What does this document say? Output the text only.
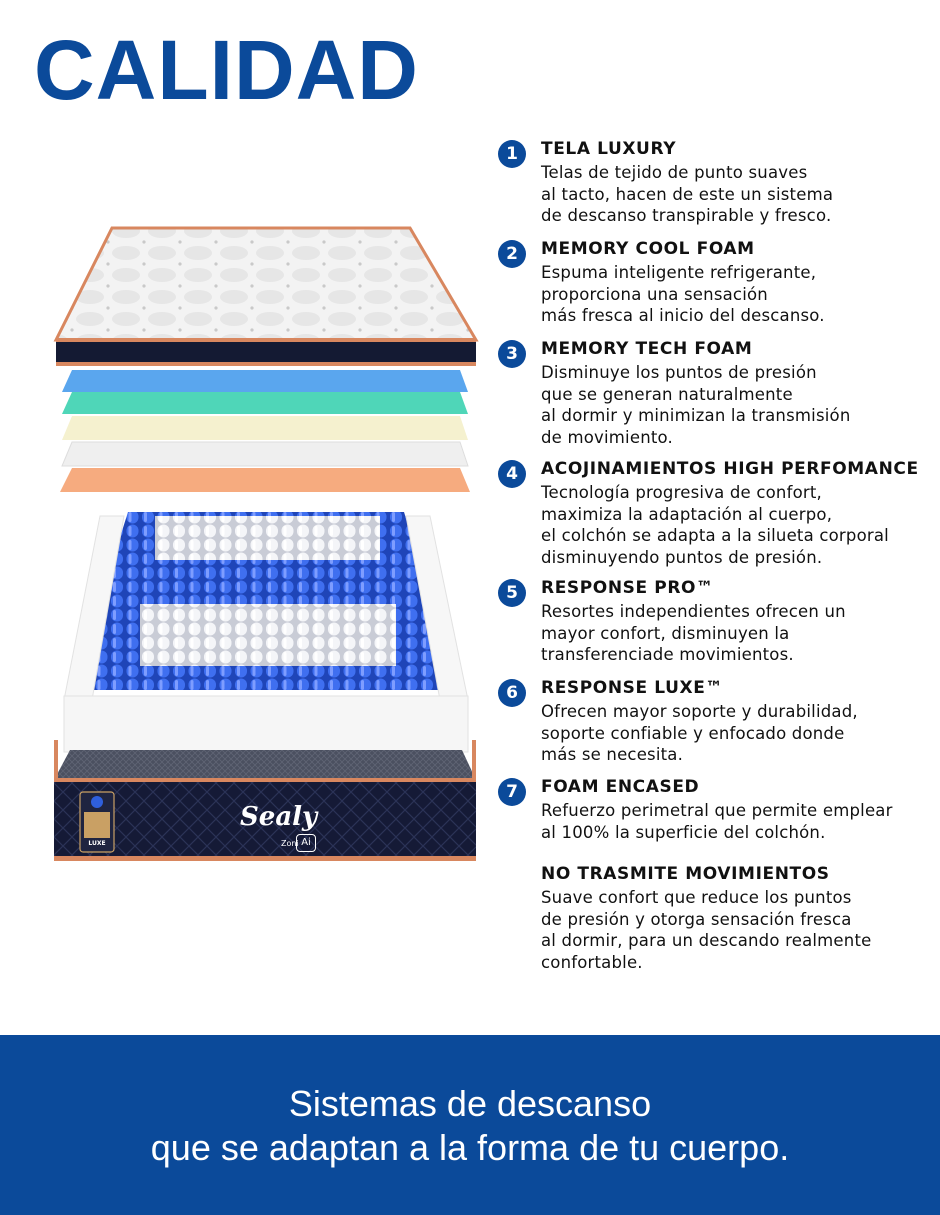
CALIDAD
Sealy
Zoni Ai
LUXE
1	TELA LUXURY

Telas de tejido de punto suaves
al tacto, hacen de este un sistema
de descanso transpirable y fresco.

2	MEMORY COOL FOAM

Espuma inteligente refrigerante,
proporciona una sensación
más fresca al inicio del descanso.

3	MEMORY TECH FOAM

Disminuye los puntos de presión
que se generan naturalmente
al dormir y minimizan la transmisión
de movimiento.

4	ACOJINAMIENTOS HIGH PERFOMANCE

Tecnología progresiva de confort,
maximiza la adaptación al cuerpo,
el colchón se adapta a la silueta corporal
disminuyendo puntos de presión.

5	RESPONSE PRO™

Resortes independientes ofrecen un
mayor confort, disminuyen la
transferenciade movimientos.

6	RESPONSE LUXE™

Ofrecen mayor soporte y durabilidad,
soporte confiable y enfocado donde
más se necesita.

7	FOAM ENCASED

Refuerzo perimetral que permite emplear
al 100% la superficie del colchón.

NO TRASMITE MOVIMIENTOS

Suave confort que reduce los puntos
de presión y otorga sensación fresca
al dormir, para un descando realmente
confortable.

Sistemas de descanso
que se adaptan a la forma de tu cuerpo.
